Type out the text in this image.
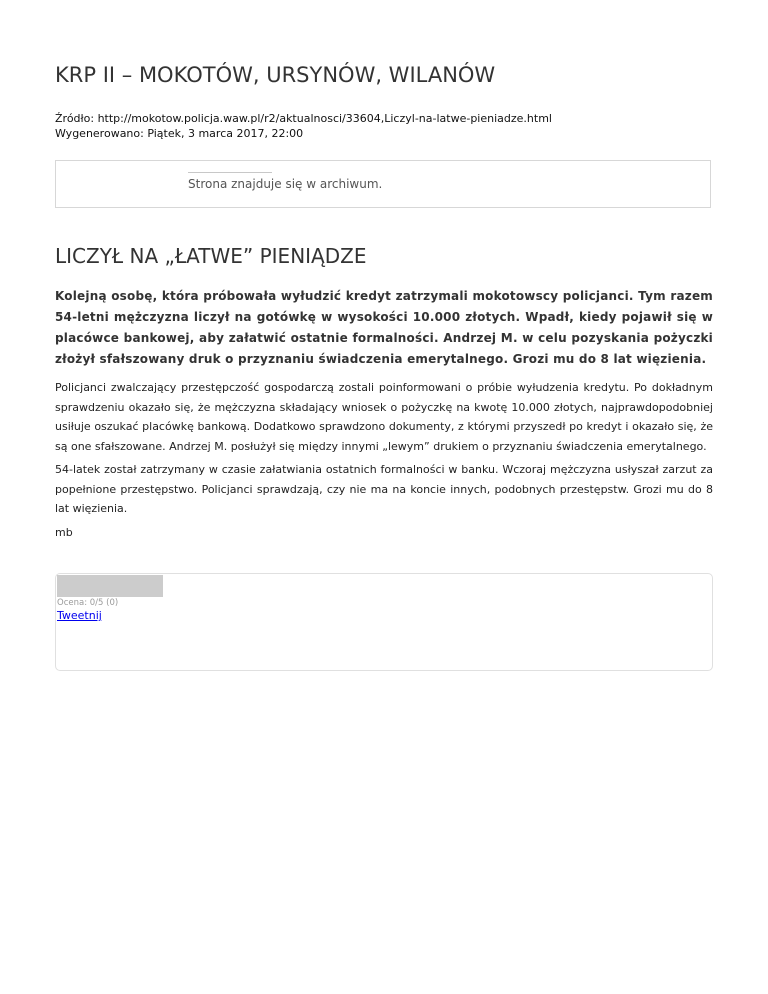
KRP II – MOKOTÓW, URSYNÓW, WILANÓW
Źródło: http://mokotow.policja.waw.pl/r2/aktualnosci/33604,Liczyl-na-latwe-pieniadze.html
Wygenerowano: Piątek, 3 marca 2017, 22:00
Strona znajduje się w archiwum.
LICZYŁ NA „ŁATWE” PIENIĄDZE
Kolejną osobę, która próbowała wyłudzić kredyt zatrzymali mokotowscy policjanci. Tym razem 54-letni mężczyzna liczył na gotówkę w wysokości 10.000 złotych. Wpadł, kiedy pojawił się w placówce bankowej, aby załatwić ostatnie formalności. Andrzej M. w celu pozyskania pożyczki złożył sfałszowany druk o przyznaniu świadczenia emerytalnego. Grozi mu do 8 lat więzienia.
Policjanci zwalczający przestępczość gospodarczą zostali poinformowani o próbie wyłudzenia kredytu. Po dokładnym sprawdzeniu okazało się, że mężczyzna składający wniosek o pożyczkę na kwotę 10.000 złotych, najprawdopodobniej usiłuje oszukać placówkę bankową. Dodatkowo sprawdzono dokumenty, z którymi przyszedł po kredyt i okazało się, że są one sfałszowane. Andrzej M. posłużył się między innymi „lewym” drukiem o przyznaniu świadczenia emerytalnego.
54-latek został zatrzymany w czasie załatwiania ostatnich formalności w banku. Wczoraj mężczyzna usłyszał zarzut za popełnione przestępstwo. Policjanci sprawdzają, czy nie ma na koncie innych, podobnych przestępstw. Grozi mu do 8 lat więzienia.
mb
Ocena: 0/5 (0)
Tweetnij
